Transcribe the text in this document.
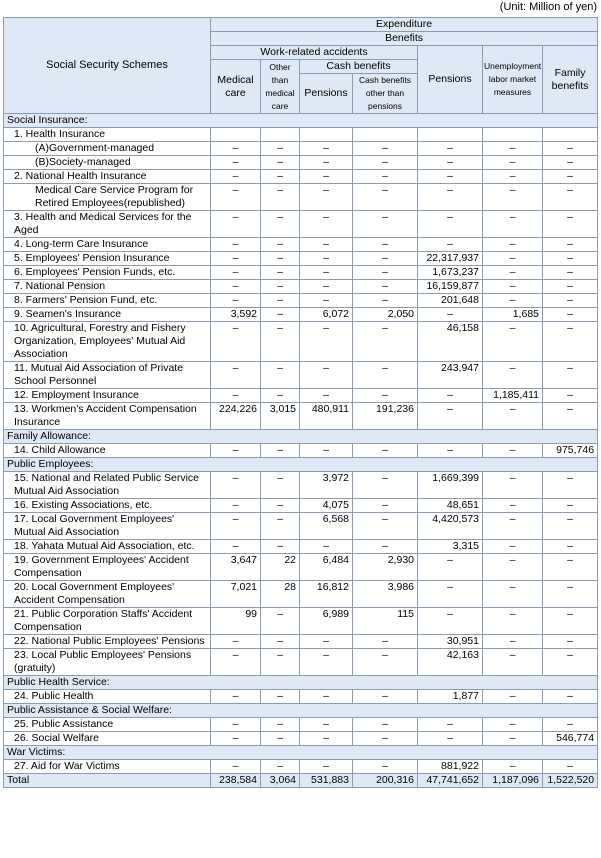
(Unit: Million of yen)
Social Security Schemes	Expenditure						
	Benefits						
	Work-related accidents				Pensions	Unemployment labor market measures	Family benefits
	Medical care	Other than medical care	Cash benefits				
			Pensions	Cash benefits other than pensions			
Social Insurance:							
1. Health Insurance							
(A)Government-managed	–	–	–	–	–	–	–
(B)Society-managed	–	–	–	–	–	–	–
2. National Health Insurance	–	–	–	–	–	–	–
Medical Care Service Program for Retired Employees(republished)	–	–	–	–	–	–	–
3. Health and Medical Services for the Aged	–	–	–	–	–	–	–
4. Long-term Care Insurance	–	–	–	–	–	–	–
5. Employees' Pension Insurance	–	–	–	–	22,317,937	–	–
6. Employees' Pension Funds, etc.	–	–	–	–	1,673,237	–	–
7. National Pension	–	–	–	–	16,159,877	–	–
8. Farmers' Pension Fund, etc.	–	–	–	–	201,648	–	–
9. Seamen's Insurance	3,592	–	6,072	2,050	–	1,685	–
10. Agricultural, Forestry and Fishery Organization, Employees' Mutual Aid Association	–	–	–	–	46,158	–	–
11. Mutual Aid Association of Private School Personnel	–	–	–	–	243,947	–	–
12. Employment Insurance	–	–	–	–	–	1,185,411	–
13. Workmen's Accident Compensation Insurance	224,226	3,015	480,911	191,236	–	–	–
Family Allowance:							
14. Child Allowance	–	–	–	–	–	–	975,746
Public Employees:							
15. National and Related Public Service Mutual Aid Association	–	–	3,972	–	1,669,399	–	–
16. Existing Associations, etc.	–	–	4,075	–	48,651	–	–
17. Local Government Employees' Mutual Aid Association	–	–	6,568	–	4,420,573	–	–
18. Yahata Mutual Aid Association, etc.	–	–	–	–	3,315	–	–
19. Government Employees' Accident Compensation	3,647	22	6,484	2,930	–	–	–
20. Local Government Employees' Accident Compensation	7,021	28	16,812	3,986	–	–	–
21. Public Corporation Staffs' Accident Compensation	99	–	6,989	115	–	–	–
22. National Public Employees' Pensions	–	–	–	–	30,951	–	–
23. Local Public Employees' Pensions (gratuity)	–	–	–	–	42,163	–	–
Public Health Service:							
24. Public Health	–	–	–	–	1,877	–	–
Public Assistance & Social Welfare:							
25. Public Assistance	–	–	–	–	–	–	–
26. Social Welfare	–	–	–	–	–	–	546,774
War Victims:							
27. Aid for War Victims	–	–	–	–	881,922	–	–
Total	238,584	3,064	531,883	200,316	47,741,652	1,187,096	1,522,520
